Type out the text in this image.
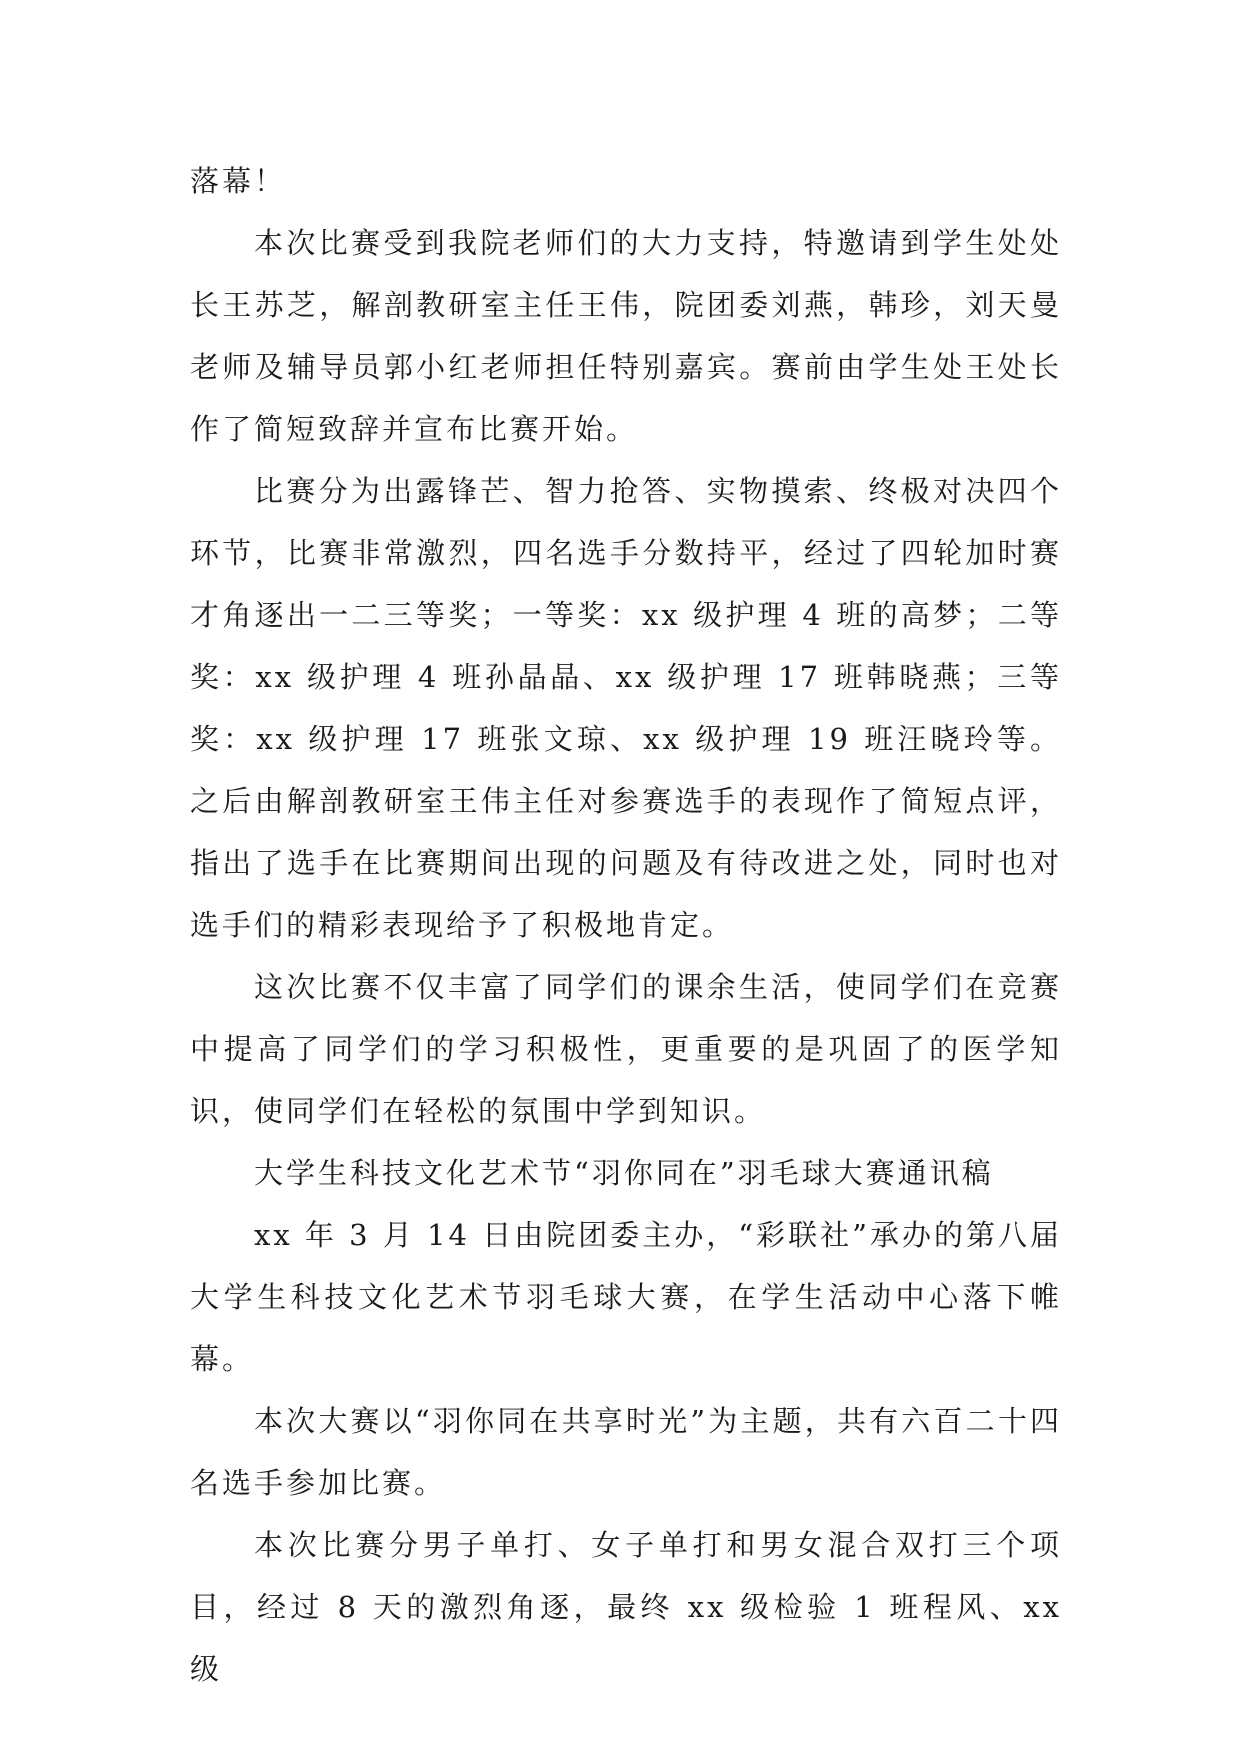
落幕！

本次比赛受到我院老师们的大力支持，特邀请到学生处处长王苏芝，解剖教研室主任王伟，院团委刘燕，韩珍，刘天曼老师及辅导员郭小红老师担任特别嘉宾。赛前由学生处王处长作了简短致辞并宣布比赛开始。

比赛分为出露锋芒、智力抢答、实物摸索、终极对决四个环节，比赛非常激烈，四名选手分数持平，经过了四轮加时赛才角逐出一二三等奖；一等奖：xx 级护理 4 班的高梦；二等奖：xx 级护理 4 班孙晶晶、xx 级护理 17 班韩晓燕；三等奖：xx 级护理 17 班张文琼、xx 级护理 19 班汪晓玲等。之后由解剖教研室王伟主任对参赛选手的表现作了简短点评，指出了选手在比赛期间出现的问题及有待改进之处，同时也对选手们的精彩表现给予了积极地肯定。

这次比赛不仅丰富了同学们的课余生活，使同学们在竞赛中提高了同学们的学习积极性，更重要的是巩固了的医学知识，使同学们在轻松的氛围中学到知识。

大学生科技文化艺术节“羽你同在”羽毛球大赛通讯稿

xx 年 3 月 14 日由院团委主办，“彩联社”承办的第八届大学生科技文化艺术节羽毛球大赛，在学生活动中心落下帷幕。

本次大赛以“羽你同在共享时光”为主题，共有六百二十四名选手参加比赛。

本次比赛分男子单打、女子单打和男女混合双打三个项目，经过 8 天的激烈角逐，最终 xx 级检验 1 班程风、xx 级
